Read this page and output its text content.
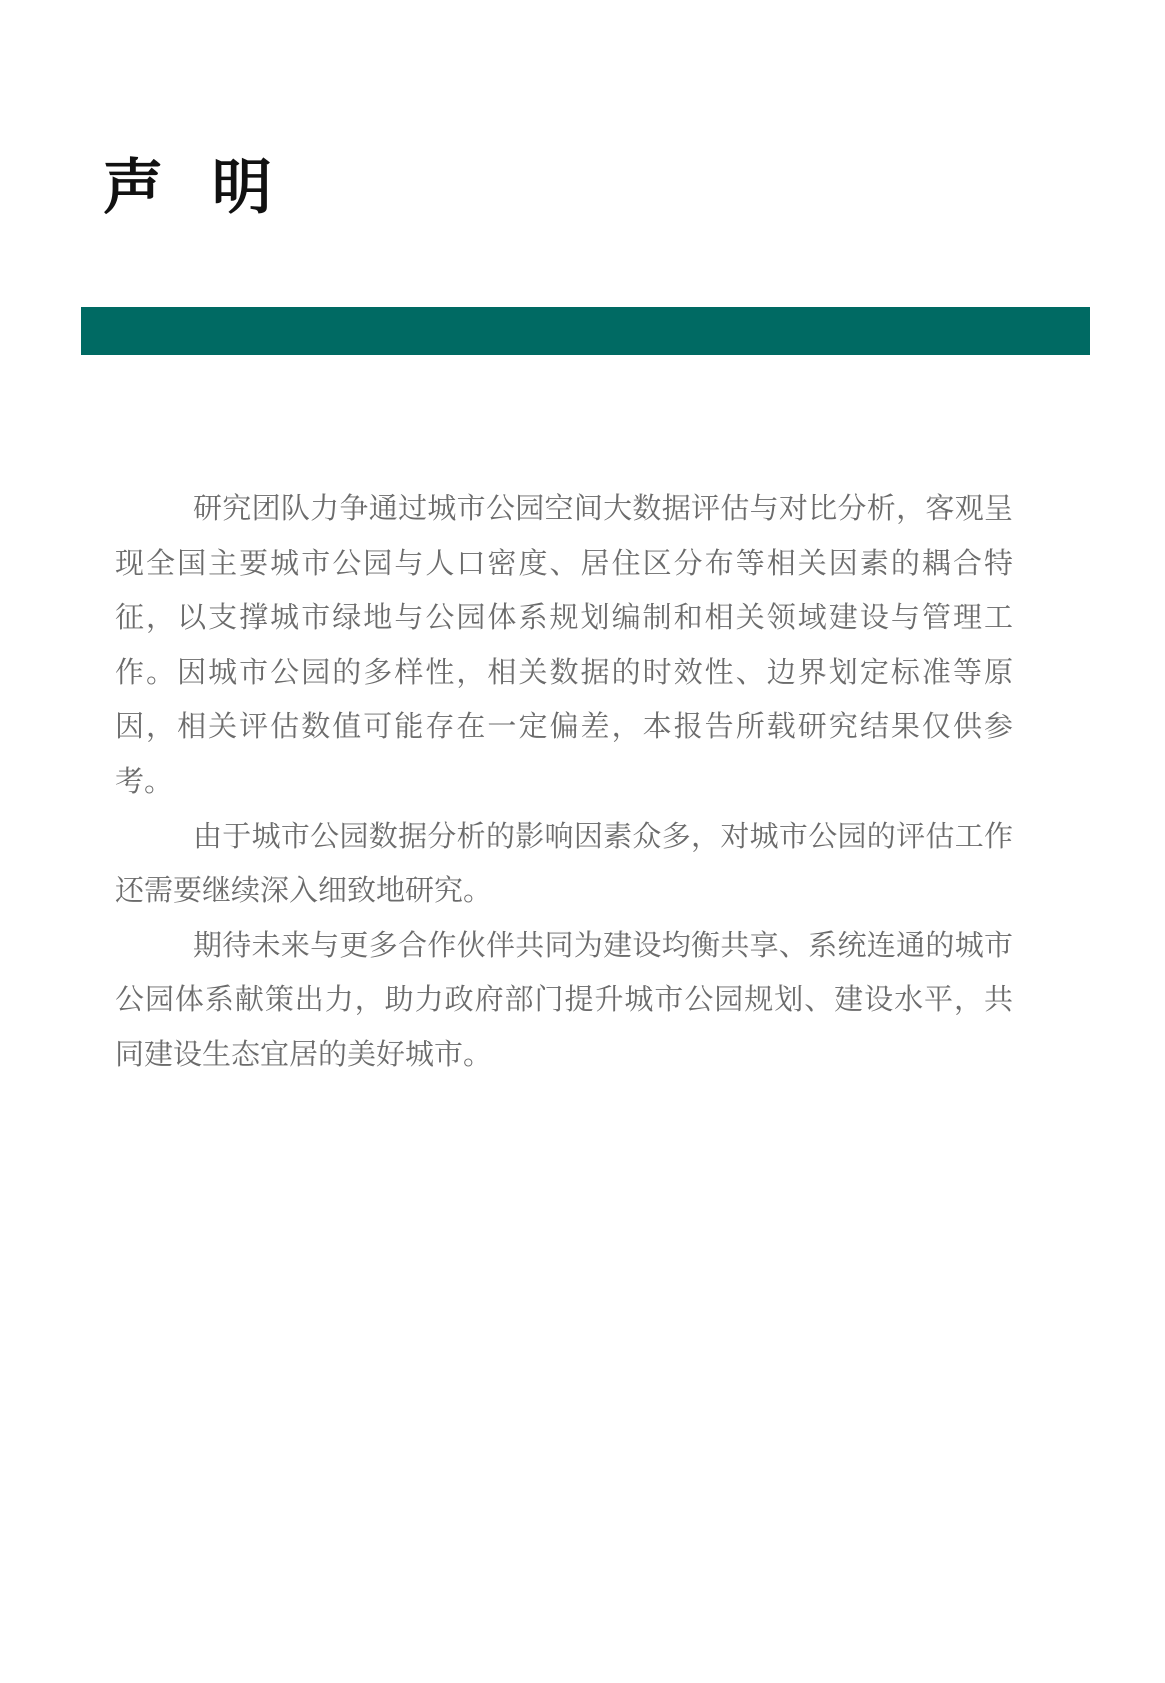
声 明

研究团队力争通过城市公园空间大数据评估与对比分析，客观呈现全国主要城市公园与人口密度、居住区分布等相关因素的耦合特征，以支撑城市绿地与公园体系规划编制和相关领域建设与管理工作。因城市公园的多样性，相关数据的时效性、边界划定标准等原因，相关评估数值可能存在一定偏差，本报告所载研究结果仅供参考。

由于城市公园数据分析的影响因素众多，对城市公园的评估工作还需要继续深入细致地研究。

期待未来与更多合作伙伴共同为建设均衡共享、系统连通的城市公园体系献策出力，助力政府部门提升城市公园规划、建设水平，共同建设生态宜居的美好城市。
